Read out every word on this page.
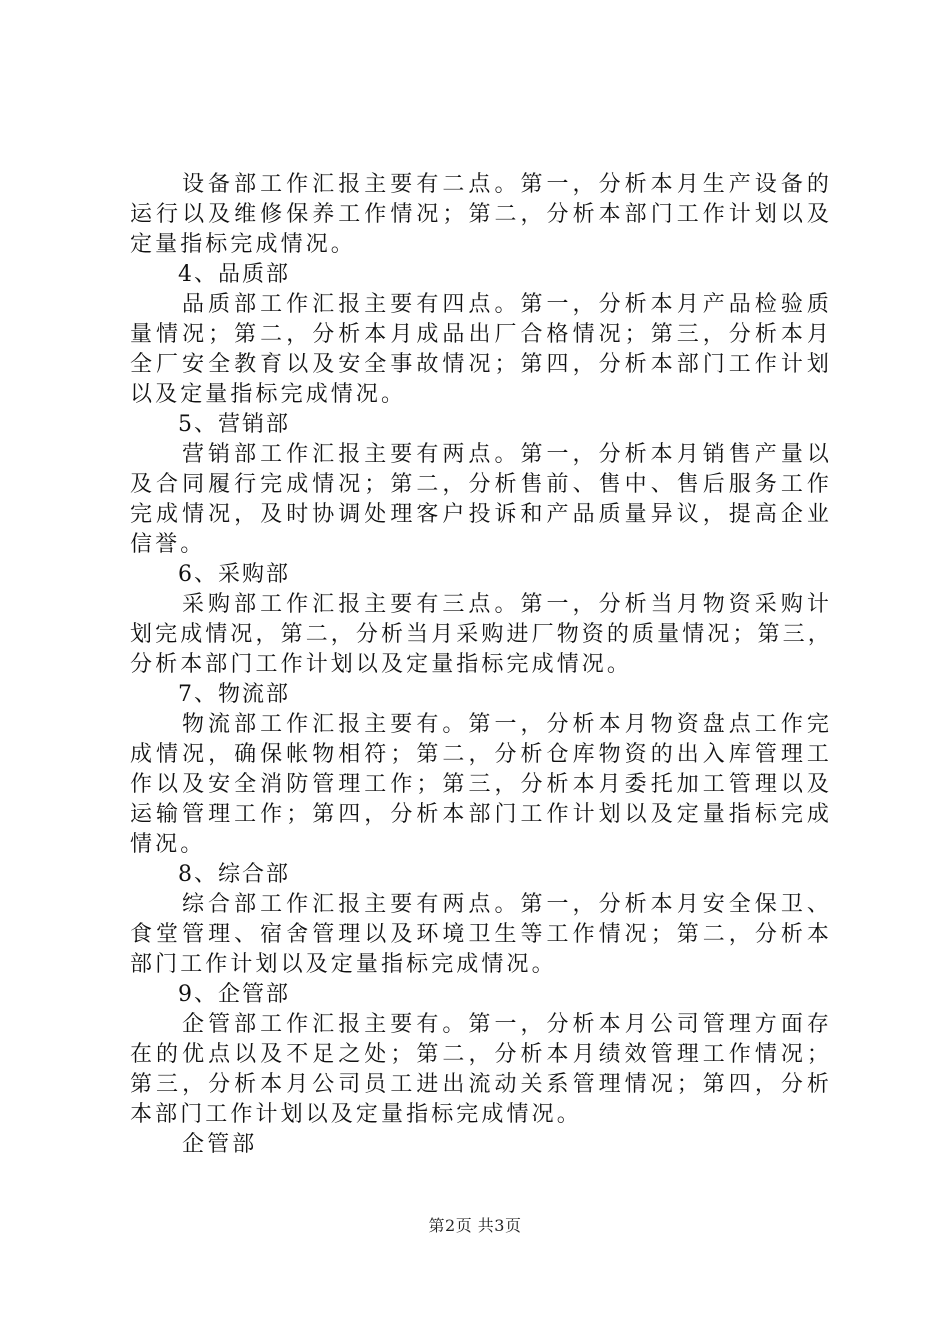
设备部工作汇报主要有二点。第一，分析本月生产设备的
运行以及维修保养工作情况；第二，分析本部门工作计划以及
定量指标完成情况。
4、品质部
品质部工作汇报主要有四点。第一，分析本月产品检验质
量情况；第二，分析本月成品出厂合格情况；第三，分析本月
全厂安全教育以及安全事故情况；第四，分析本部门工作计划
以及定量指标完成情况。
5、营销部
营销部工作汇报主要有两点。第一，分析本月销售产量以
及合同履行完成情况；第二，分析售前、售中、售后服务工作
完成情况，及时协调处理客户投诉和产品质量异议，提高企业
信誉。
6、采购部
采购部工作汇报主要有三点。第一，分析当月物资采购计
划完成情况，第二，分析当月采购进厂物资的质量情况；第三，
分析本部门工作计划以及定量指标完成情况。
7、物流部
物流部工作汇报主要有。第一，分析本月物资盘点工作完
成情况，确保帐物相符；第二，分析仓库物资的出入库管理工
作以及安全消防管理工作；第三，分析本月委托加工管理以及
运输管理工作；第四，分析本部门工作计划以及定量指标完成
情况。
8、综合部
综合部工作汇报主要有两点。第一，分析本月安全保卫、
食堂管理、宿舍管理以及环境卫生等工作情况；第二，分析本
部门工作计划以及定量指标完成情况。
9、企管部
企管部工作汇报主要有。第一，分析本月公司管理方面存
在的优点以及不足之处；第二，分析本月绩效管理工作情况；
第三，分析本月公司员工进出流动关系管理情况；第四，分析
本部门工作计划以及定量指标完成情况。
企管部
第2页 共3页
